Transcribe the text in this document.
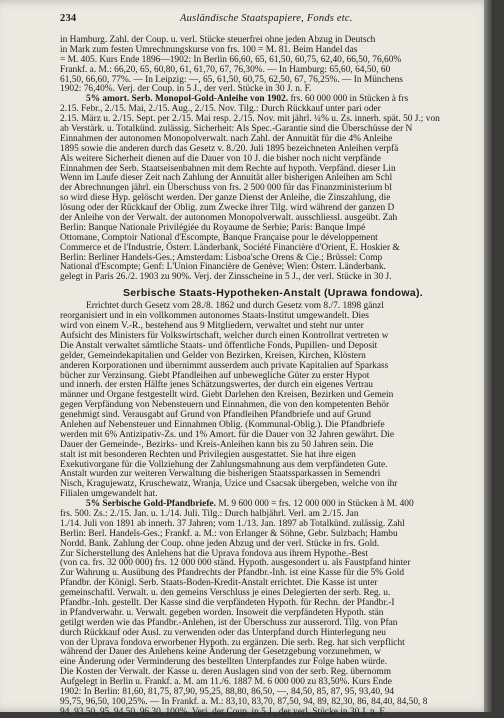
234	Ausländische Staatspapiere, Fonds etc.
in Hamburg. Zahl. der Coup. u. verl. Stücke steuerfrei ohne jeden Abzug in Deutsch
in Mark zum festen Umrechnungskurse von frs. 100 = M. 81. Beim Handel das
= M. 405. Kurs Ende 1896—1902: In Berlin 66,60, 65, 61,50, 60,75, 62,40, 66,50, 76,60%
Frankf. a. M.: 66,20, 65, 60,80, 61, 61,70, 67, 76,30%. — In Hamburg: 65,60, 64,50, 60
61,50, 66,60, 77%. — In Leipzig: —, 65, 61,50, 60,75, 62,50, 67, 76,25%. — In Münchens
1902: 76,40%. Verj. der Coup. in 5 J., der verl. Stücke in 30 J. n. F.
5% amort. Serb. Monopol-Gold-Anleihe von 1902. frs. 60 000 000 in Stücken à frs
2.15. Febr., 2./15. Mai, 2./15. Aug., 2./15. Nov. Tilg.: Durch Rückkauf unter pari oder
2.15. März u. 2./15. Sept. per 2./15. Mai resp. 2./15. Nov. mit jährl. ¼% u. Zs. innerh. spät. 50 J.; von
ab Verstärk. u. Totalkünd. zulässig. Sicherheit: Als Spec.-Garantie sind die Überschüsse der N
Einnahmen der autonomen Monopolverwalt. nach Zahl. der Annuität für die 4% Anleihe
1895 sowie die anderen durch das Gesetz v. 8./20. Juli 1895 bezeichneten Anleihen verpfä
Als weitere Sicherheit dienen auf die Dauer von 10 J. die bisher noch nicht verpfände
Einnahmen der Serb. Staatseisenbahnen mit dem Rechte auf hypoth. Verpfänd. dieser Lin
Wenn im Laufe dieser Zeit nach Zahlung der Annuität aller bisherigen Anleihen am Schl
der Abrechnungen jährl. ein Überschuss von frs. 2 500 000 für das Finanzministerium bl
so wird diese Hyp. gelöscht werden. Der ganze Dienst der Anleihe, die Zinszahlung, die
lösung oder der Rückkauf der Oblig. zum Zwecke ihrer Tilg. wird während der ganzen D
der Anleihe von der Verwalt. der autonomen Monopolverwalt. ausschliessl. ausgeübt. Zah
Berlin: Banque Nationale Privilégiée du Royaume de Serbie; Paris: Banque Impé
Ottomane, Comptoir National d'Escompte, Banque Française pour le développement
Commerce et de l'Industrie, Österr. Länderbank, Société Financière d'Orient, E. Hoskier &
Berlin: Berliner Handels-Ges.; Amsterdam: Lisboa'sche Orens & Cie.; Brüssel: Comp
National d'Escompte; Genf: L'Union Financière de Genève; Wien: Österr. Länderbank.
gelegt in Paris 26./2. 1903 zu 90%. Verj. der Zinsscheine in 5 J., der verl. Stücke in 30 J.
Serbische Staats-Hypotheken-Anstalt (Uprawa fondowa).
Errichtet durch Gesetz vom 28./8. 1862 und durch Gesetz vom 8./7. 1898 gänzl
reorganisiert und in ein vollkommen autonomes Staats-Institut umgewandelt. Dies
wird von einem V.-R., bestehend aus 9 Mitgliedern, verwaltet und steht nur unter
Aufsicht des Ministers für Volkswirtschaft, welcher durch einen Kontrollrat vertreten w
Die Anstalt verwaltet sämtliche Staats- und öffentliche Fonds, Pupillen- und Deposit
gelder, Gemeindekapitalien und Gelder von Bezirken, Kreisen, Kirchen, Klöstern
anderen Korporationen und übernimmt ausserdem auch private Kapitalien auf Sparkass
bücher zur Verzinsung. Giebt Pfandleihen auf unbewegliche Güter zu erster Hypot
und innerh. der ersten Hälfte jenes Schätzungswertes, der durch ein eigenes Vertrau
männer und Organe festgestellt wird. Giebt Darlehen den Kreisen, Bezirken und Gemein
gegen Verpfändung von Nebensteuern und Einnahmen, die von den kompetenten Behör
genehmigt sind. Verausgabt auf Grund von Pfandleihen Pfandbriefe und auf Grund
Anlehen auf Nebensteuer und Einnahmen Oblig. (Kommunal-Oblig.). Die Pfandbriefe
werden mit 6% Antizipativ-Zs. und 1% Amort. für die Dauer von 32 Jahren gewährt. Die
Dauer der Gemeinde-, Bezirks- und Kreis-Anleihen kann bis zu 50 Jahren sein. Die
stalt ist mit besonderen Rechten und Privilegien ausgestattet. Sie hat ihre eigen
Exekutivorgane für die Vollziehung der Zahlungsmahnung aus dem verpfändeten Gute.
Anstalt wurden zur weiteren Verwaltung die bisherigen Staatssparkassen in Semendri
Nisch, Kragujewatz, Kruschewatz, Wranja, Uzice und Csacsak übergeben, welche von ihr
Filialen umgewandelt hat.
5% Serbische Gold-Pfandbriefe. M. 9 600 000 = frs. 12 000 000 in Stücken à M. 400
frs. 500. Zs.: 2./15. Jan. u. 1./14. Juli. Tilg.: Durch halbjährl. Verl. am 2./15. Jan
1./14. Juli von 1891 ab innerh. 37 Jahren; vom 1./13. Jan. 1897 ab Totalkünd. zulässig. Zahl
Berlin: Berl. Handels-Ges.; Frankf. a. M.: von Erlanger & Söhne, Gebr. Sulzbach; Hambu
Nordd. Bank. Zahlung der Coup. ohne jeden Abzug und der verl. Stücke in frs. Gold.
Zur Sicherstellung des Anlehens hat die Uprava fondova aus ihrem Hypothe.-Best
(von ca. frs. 32 000 000) frs. 12 000 000 ständ. Hypoth. ausgesondert u. als Faustpfand hinter
Zur Wahrung u. Ausübung des Pfandrechts der Pfandbr.-Inh. ist eine Kasse für die 5% Gold
Pfandbr. der Königl. Serb. Staats-Boden-Kredit-Anstalt errichtet. Die Kasse ist unter
gemeinschaftl. Verwalt. u. den gemeins Verschluss je eines Delegierten der serb. Reg. u.
Pfandbr.-Inh. gestellt. Der Kasse sind die verpfändeten Hypoth. für Rechn. der Pfandbr.-I
in Pfandverwahr. u. Verwalt. gegeben worden. Insoweit die verpfändeten Hypoth. stän
getilgt werden wie das Pfandbr.-Anlehen, ist der Überschuss zur ausserord. Tilg. von Pfan
durch Rückkauf oder Ausl. zu verwenden oder das Unterpfand durch Hinterlegung neu
von der Uprava fondova erworbener Hypoth. zu ergänzen. Die serb. Reg. hat sich verpflicht
während der Dauer des Anlehens keine Änderung der Gesetzgebung vorzunehmen, w
eine Änderung oder Verminderung des bestellten Unterpfandes zur Folge haben würde.
Die Kosten der Verwalt. der Kasse u. deren Auslagen sind von der serb. Reg. übernomm
Aufgelegt in Berlin u. Frankf. a. M. am 11./6. 1887 M. 6 000 000 zu 83,50%. Kurs Ende
1902: In Berlin: 81,60, 81,75, 87,90, 95,25, 88,80, 86,50, —, 84,50, 85, 87, 95, 93,40, 94
95,75, 96,50, 100,25%. — In Frankf. a. M.: 83,10, 83,70, 87,50, 94, 89, 82,30, 86, 84,40, 84,50, 8
94, 93,50, 95, 94,50, 96,30, 100%. Verj. der Coup. in 5 J., der verl. Stücke in 30 J. n. F.
